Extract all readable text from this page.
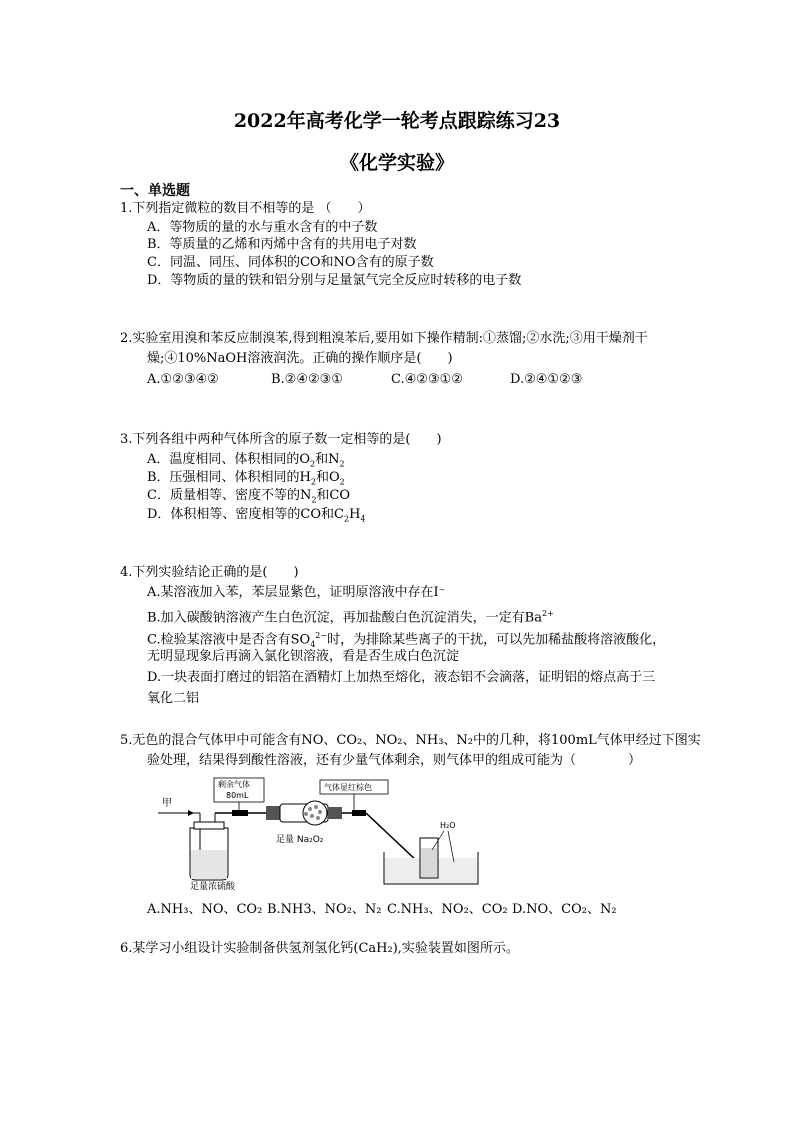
2022年高考化学一轮考点跟踪练习23
《化学实验》
一、单选题
1.下列指定微粒的数目不相等的是 （　　）
A．等物质的量的水与重水含有的中子数
B．等质量的乙烯和丙烯中含有的共用电子对数
C．同温、同压、同体积的CO和NO含有的原子数
D．等物质的量的铁和铝分别与足量氯气完全反应时转移的电子数
2.实验室用溴和苯反应制溴苯,得到粗溴苯后,要用如下操作精制:①蒸馏;②水洗;③用干燥剂干
燥;④10%NaOH溶液润洗。正确的操作顺序是(　　)
A.①②③④②	B.②④②③①	C.④②③①②	D.②④①②③
3.下列各组中两种气体所含的原子数一定相等的是(　　)
A．温度相同、体积相同的$O_2$和$N_2$
B．压强相同、体积相同的$H_2$和$O_2$
C．质量相等、密度不等的$N_2$和CO
D．体积相等、密度相等的CO和$C_2H_4$
4.下列实验结论正确的是(　　)
A.某溶液加入苯，苯层显紫色，证明原溶液中存在I⁻
B.加入碳酸钠溶液产生白色沉淀，再加盐酸白色沉淀消失，一定有$Ba^{2+}$
C.检验某溶液中是否含有$SO_4^{2-}$时，为排除某些离子的干扰，可以先加稀盐酸将溶液酸化，
无明显现象后再滴入氯化钡溶液，看是否生成白色沉淀
D.一块表面打磨过的铝箔在酒精灯上加热至熔化，液态铝不会滴落，证明铝的熔点高于三
氧化二铝
5.无色的混合气体甲中可能含有NO、CO₂、NO₂、NH₃、N₂中的几种，将100mL气体甲经过下图实
验处理，结果得到酸性溶液，还有少量气体剩余，则气体甲的组成可能为（　　　　）
甲
足量浓硫酸
剩余气体
80mL
足量 Na₂O₂
气体显红棕色
H₂O
A.NH₃、NO、CO₂ B.NH3、NO₂、N₂ C.NH₃、NO₂、CO₂ D.NO、CO₂、N₂
6.某学习小组设计实验制备供氢剂氢化钙(CaH₂),实验装置如图所示。
